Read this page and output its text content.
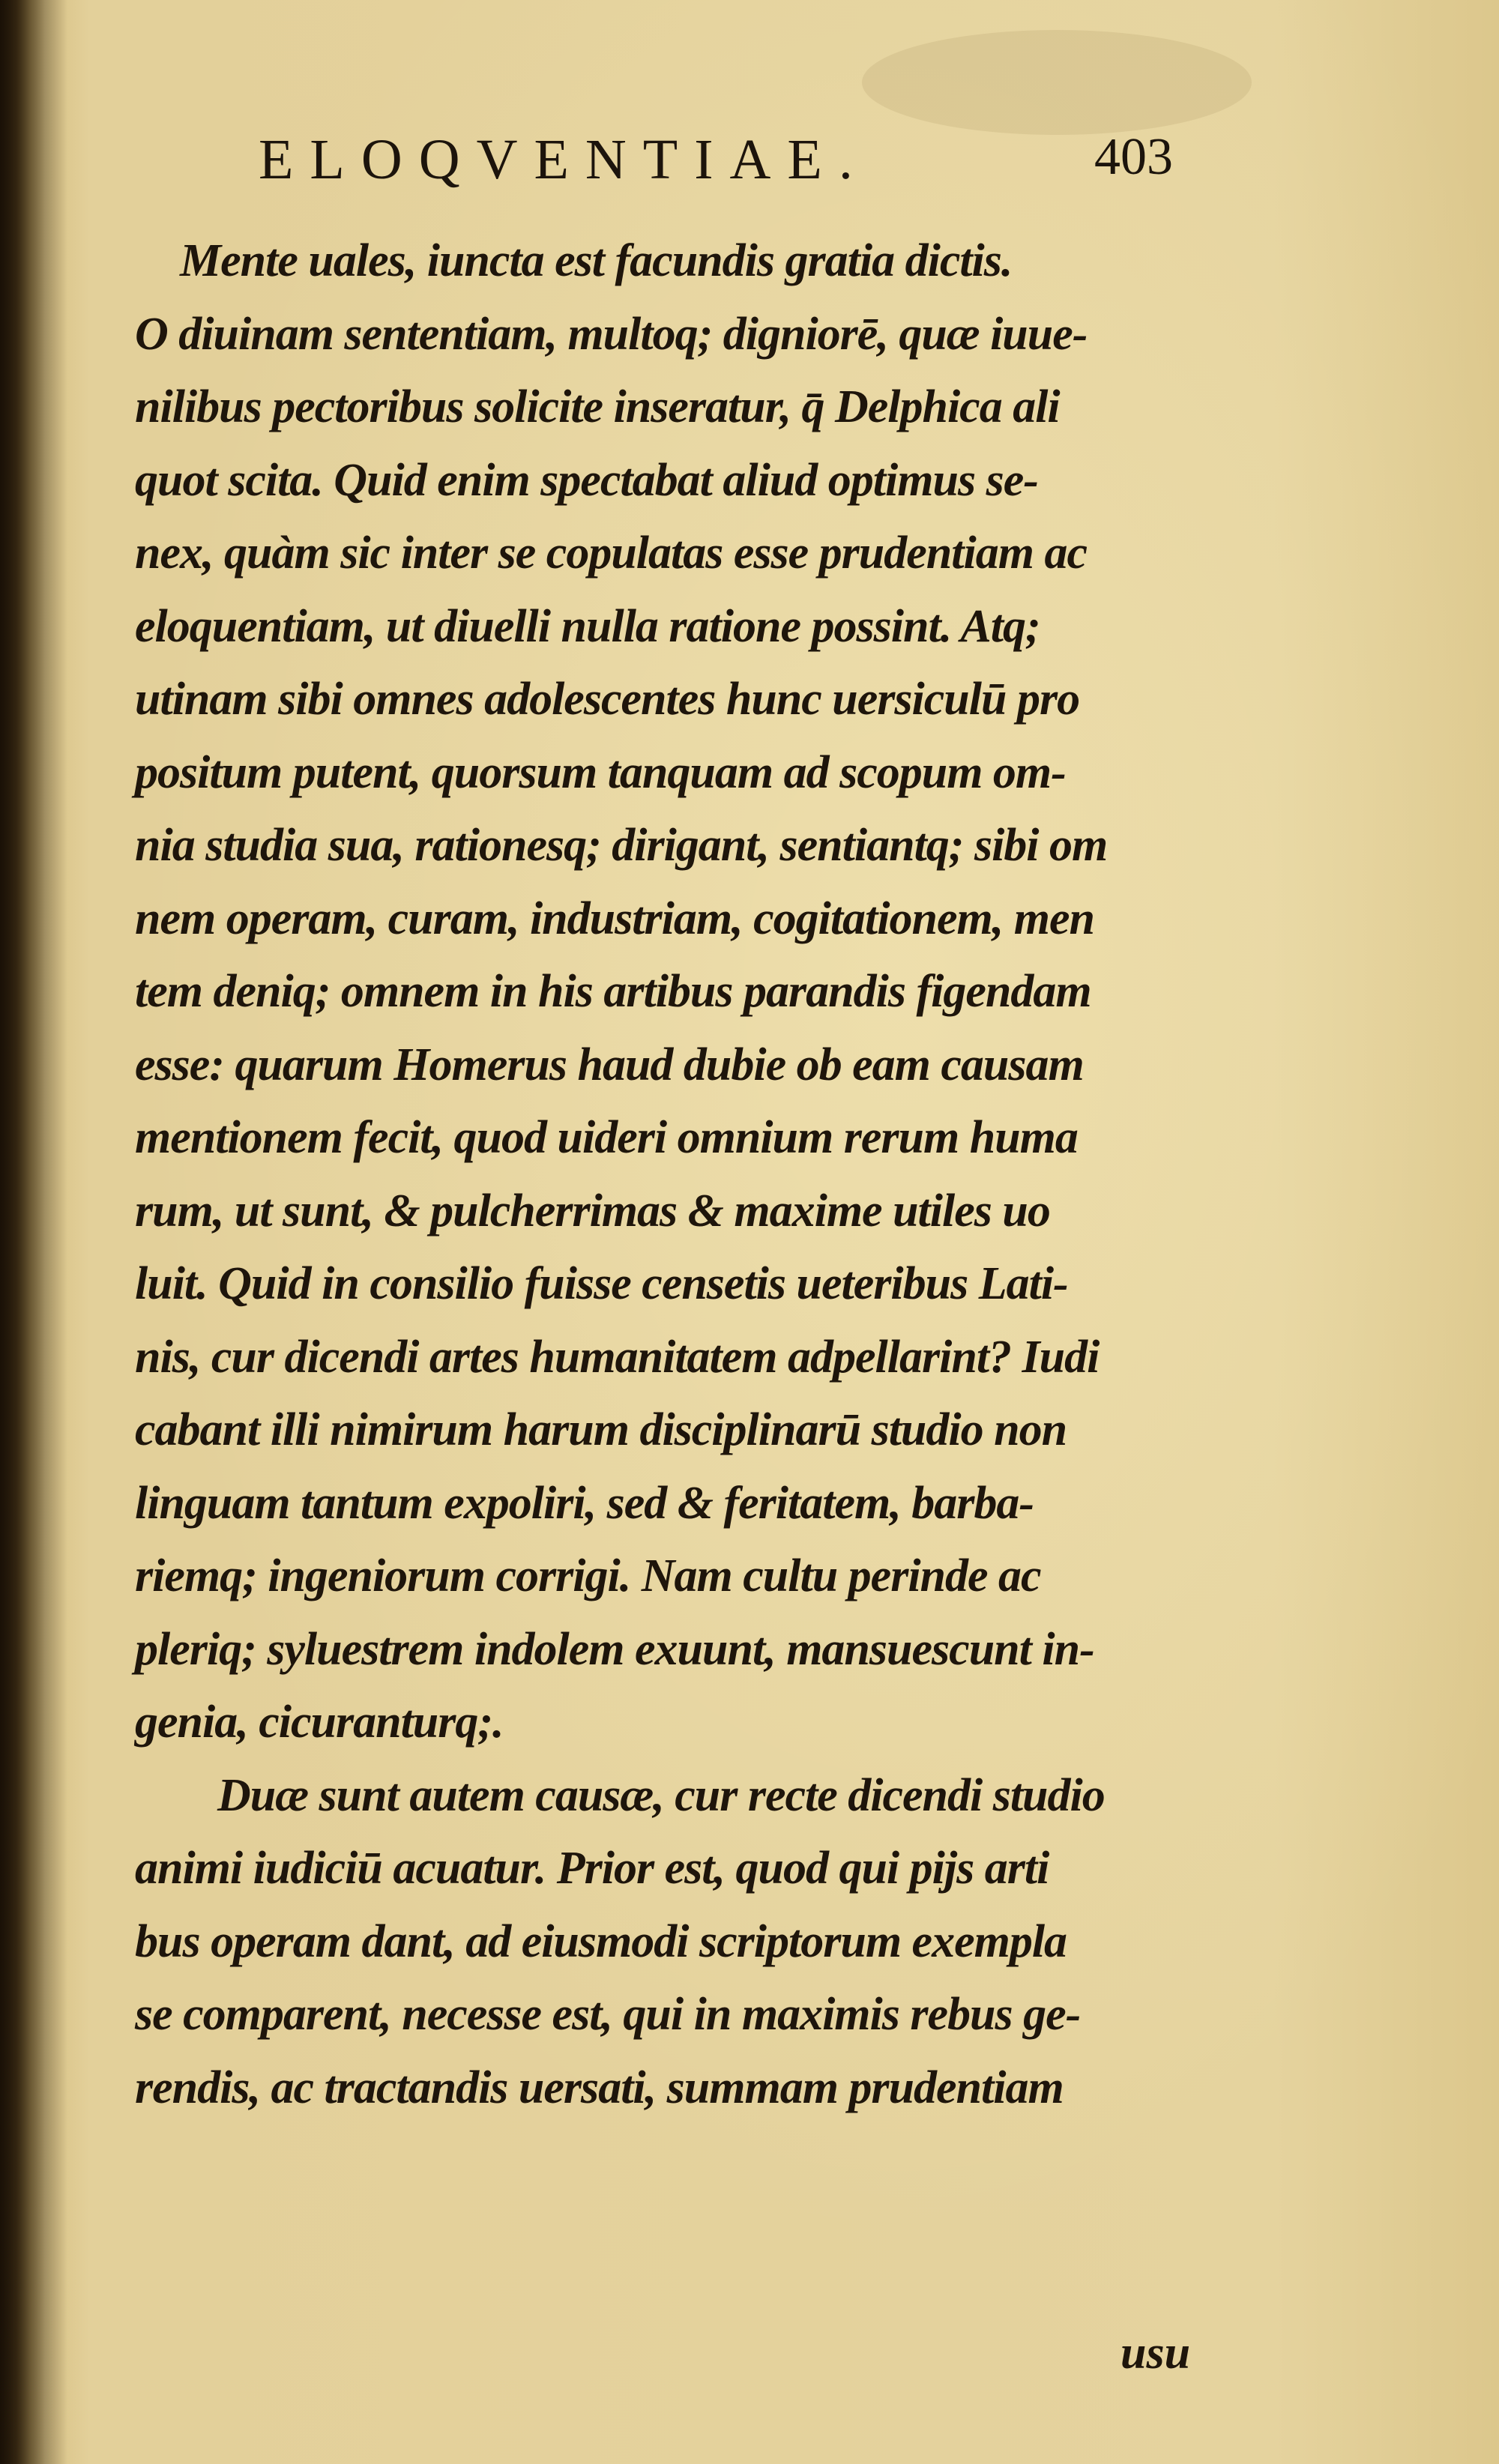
ELOQVENTIAE.	403
Mente uales, iuncta est facundis gratia dictis.
O diuinam sententiam, multoq; digniorē, quæ iuue-
nilibus pectoribus solicite inseratur, q̄ Delphica ali
quot scita. Quid enim spectabat aliud optimus se-
nex, quàm sic inter se copulatas esse prudentiam ac
eloquentiam, ut diuelli nulla ratione possint. Atq;
utinam sibi omnes adolescentes hunc uersiculū pro
positum putent, quorsum tanquam ad scopum om-
nia studia sua, rationesq; dirigant, sentiantq; sibi om
nem operam, curam, industriam, cogitationem, men
tem deniq; omnem in his artibus parandis figendam
esse: quarum Homerus haud dubie ob eam causam
mentionem fecit, quod uideri omnium rerum huma
rum, ut sunt, & pulcherrimas & maxime utiles uo
luit. Quid in consilio fuisse censetis ueteribus Lati-
nis, cur dicendi artes humanitatem adpellarint? Iudi
cabant illi nimirum harum disciplinarū studio non
linguam tantum expoliri, sed & feritatem, barba-
riemq; ingeniorum corrigi. Nam cultu perinde ac
pleriq; syluestrem indolem exuunt, mansuescunt in-
genia, cicuranturq;.
Duæ sunt autem causæ, cur recte dicendi studio
animi iudiciū acuatur. Prior est, quod qui pijs arti
bus operam dant, ad eiusmodi scriptorum exempla
se comparent, necesse est, qui in maximis rebus ge-
rendis, ac tractandis uersati, summam prudentiam
usu
